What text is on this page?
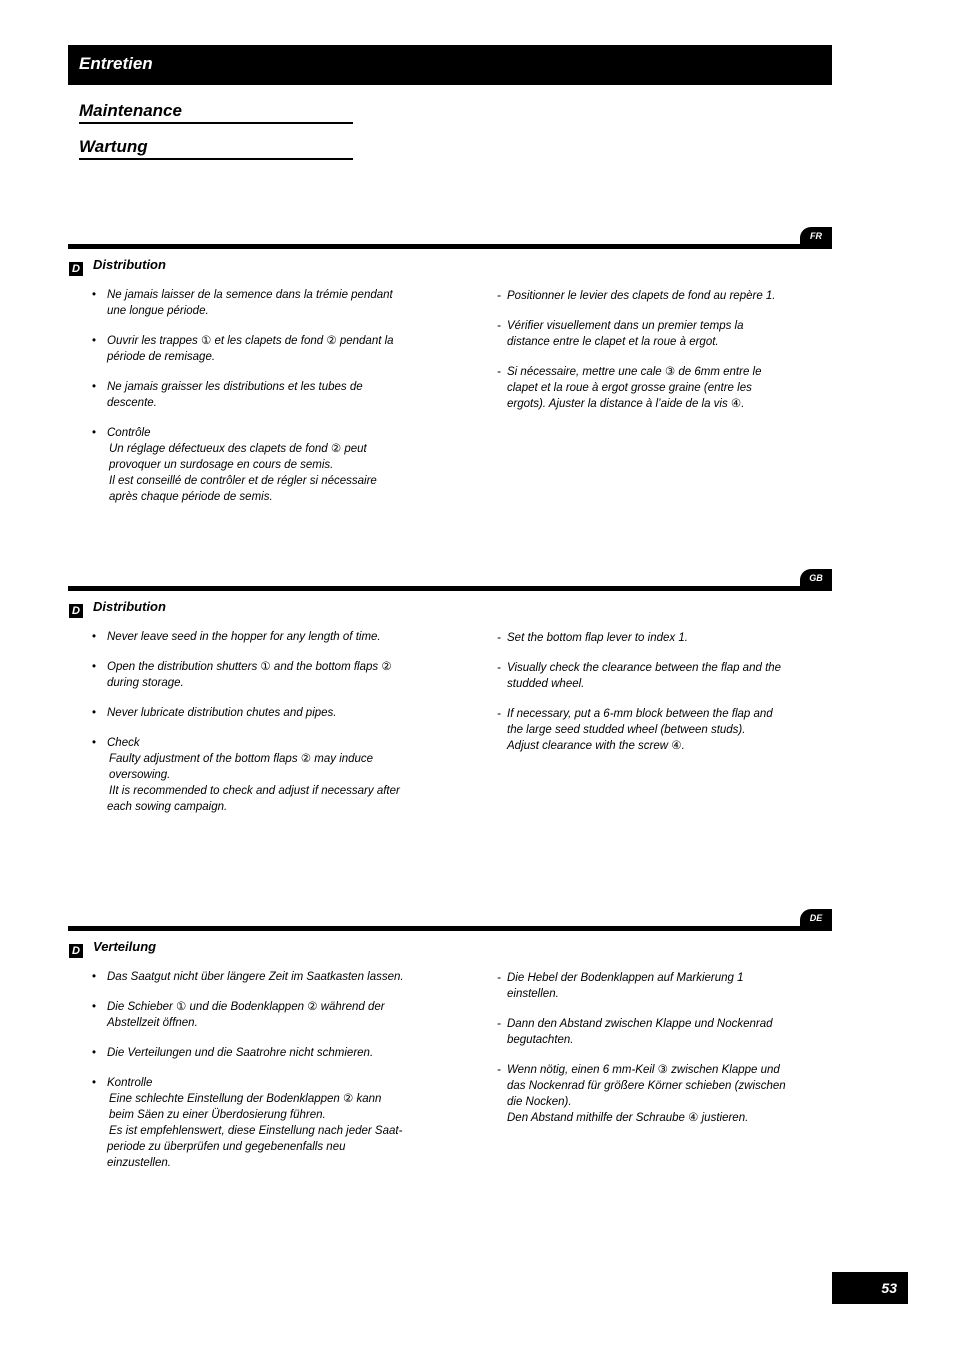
Entretien
Maintenance
Wartung
FR
D Distribution
• Ne jamais laisser de la semence dans la trémie pendant
une longue période.
• Ouvrir les trappes ① et les clapets de fond ② pendant la
période de remisage.
• Ne jamais graisser les distributions et les tubes de
descente.
• Contrôle
Un réglage défectueux des clapets de fond ② peut
provoquer un surdosage en cours de semis.
Il est conseillé de contrôler et de régler si nécessaire
après chaque période de semis.
- Positionner le levier des clapets de fond au repère 1.
- Vérifier visuellement dans un premier temps la
distance entre le clapet et la roue à ergot.
- Si nécessaire, mettre une cale ③ de 6mm entre le
clapet et la roue à ergot grosse graine (entre les
ergots). Ajuster la distance à l’aide de la vis ④.
GB
D Distribution
• Never leave seed in the hopper for any length of time.
• Open the distribution shutters ① and the bottom flaps ②
during storage.
• Never lubricate distribution chutes and pipes.
• Check
Faulty adjustment of the bottom flaps ② may induce
oversowing.
IIt is recommended to check and adjust if necessary after
each sowing campaign.
- Set the bottom flap lever to index 1.
- Visually check the clearance between the flap and the
studded wheel.
- If necessary, put a 6-mm block between the flap and
the large seed studded wheel (between studs).
Adjust clearance with the screw ④.
DE
D Verteilung
• Das Saatgut nicht über längere Zeit im Saatkasten lassen.
• Die Schieber ① und die Bodenklappen ② während der
Abstellzeit öffnen.
• Die Verteilungen und die Saatrohre nicht schmieren.
• Kontrolle
Eine schlechte Einstellung der Bodenklappen ② kann
beim Säen zu einer Überdosierung führen.
Es ist empfehlenswert, diese Einstellung nach jeder Saat-
periode zu überprüfen und gegebenenfalls neu
einzustellen.
- Die Hebel der Bodenklappen auf Markierung 1
einstellen.
- Dann den Abstand zwischen Klappe und Nockenrad
begutachten.
- Wenn nötig, einen 6 mm-Keil ③ zwischen Klappe und
das Nockenrad für größere Körner schieben (zwischen
die Nocken).
Den Abstand mithilfe der Schraube ④ justieren.
53
